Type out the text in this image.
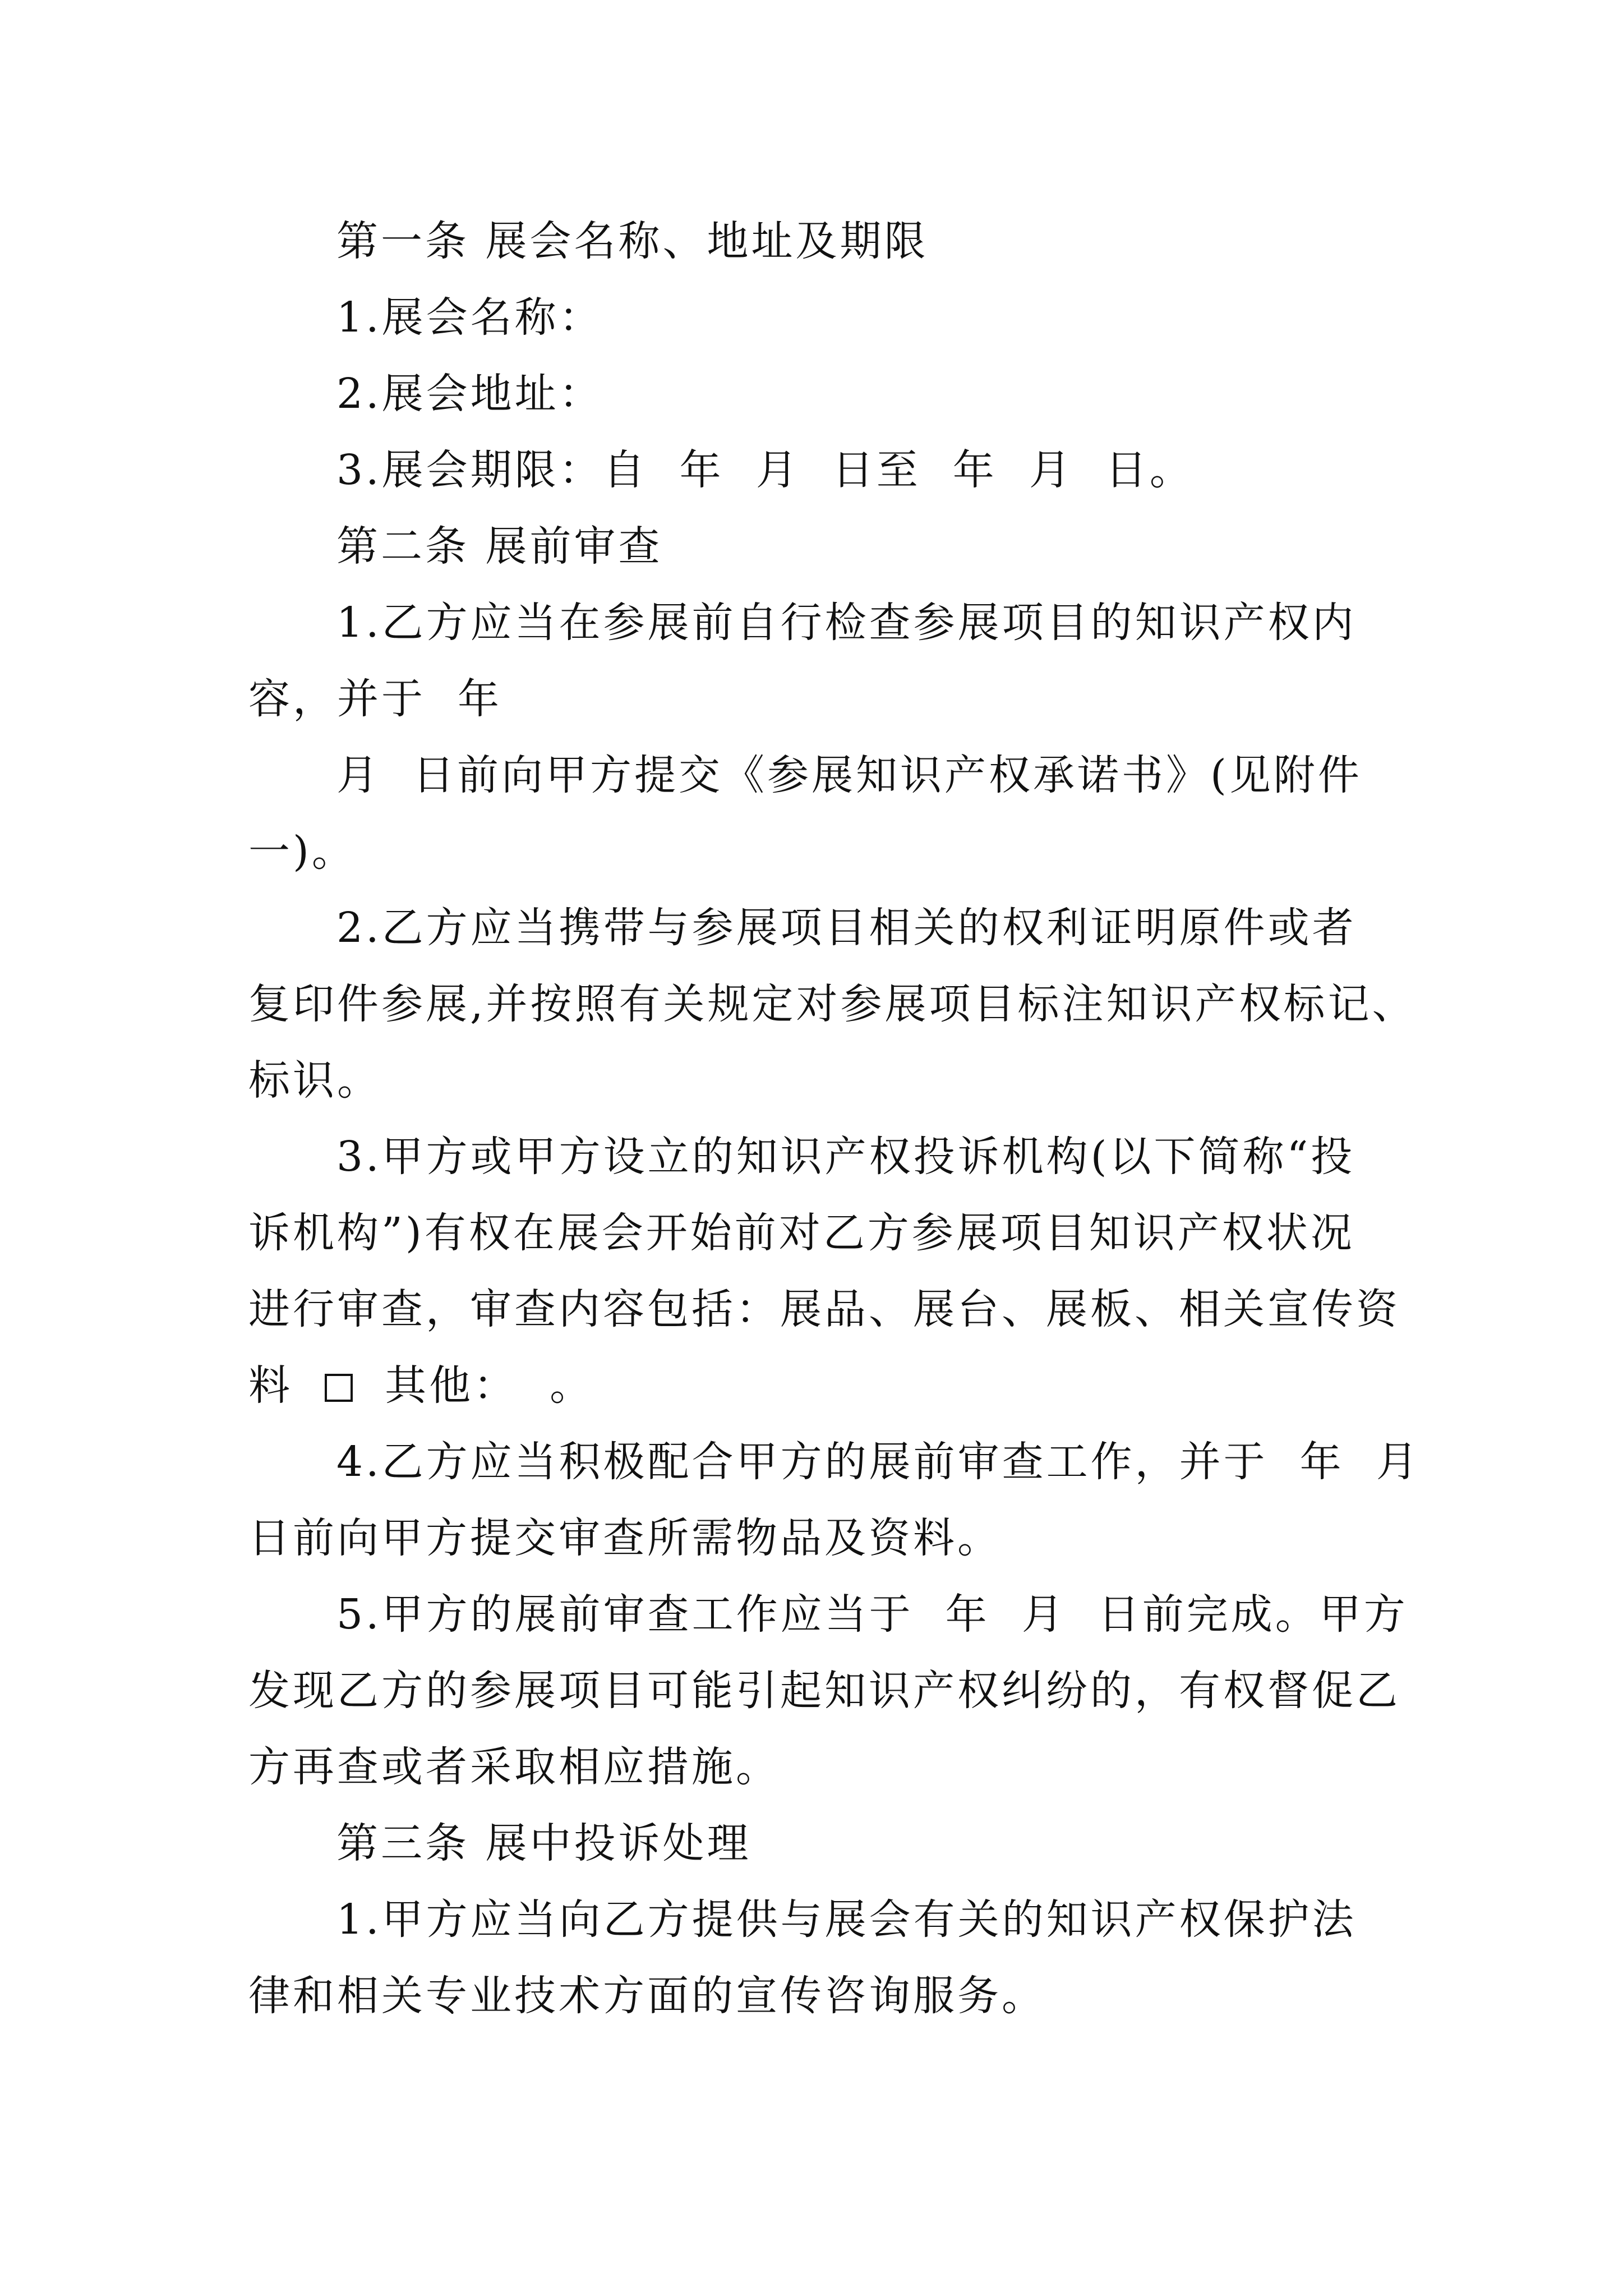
第一条 展会名称、地址及期限
1.展会名称：
2.展会地址：
3.展会期限：自  年  月  日至  年  月  日。
第二条 展前审查
1.乙方应当在参展前自行检查参展项目的知识产权内
容，并于  年
月  日前向甲方提交《参展知识产权承诺书》(见附件
一)。
2.乙方应当携带与参展项目相关的权利证明原件或者
复印件参展,并按照有关规定对参展项目标注知识产权标记、
标识。
3.甲方或甲方设立的知识产权投诉机构(以下简称“投
诉机构”)有权在展会开始前对乙方参展项目知识产权状况
进行审查，审查内容包括：展品、展台、展板、相关宣传资
料 其他：  。
4.乙方应当积极配合甲方的展前审查工作，并于  年  月
日前向甲方提交审查所需物品及资料。
5.甲方的展前审查工作应当于  年  月  日前完成。甲方
发现乙方的参展项目可能引起知识产权纠纷的，有权督促乙
方再查或者采取相应措施。
第三条 展中投诉处理
1.甲方应当向乙方提供与展会有关的知识产权保护法
律和相关专业技术方面的宣传咨询服务。
